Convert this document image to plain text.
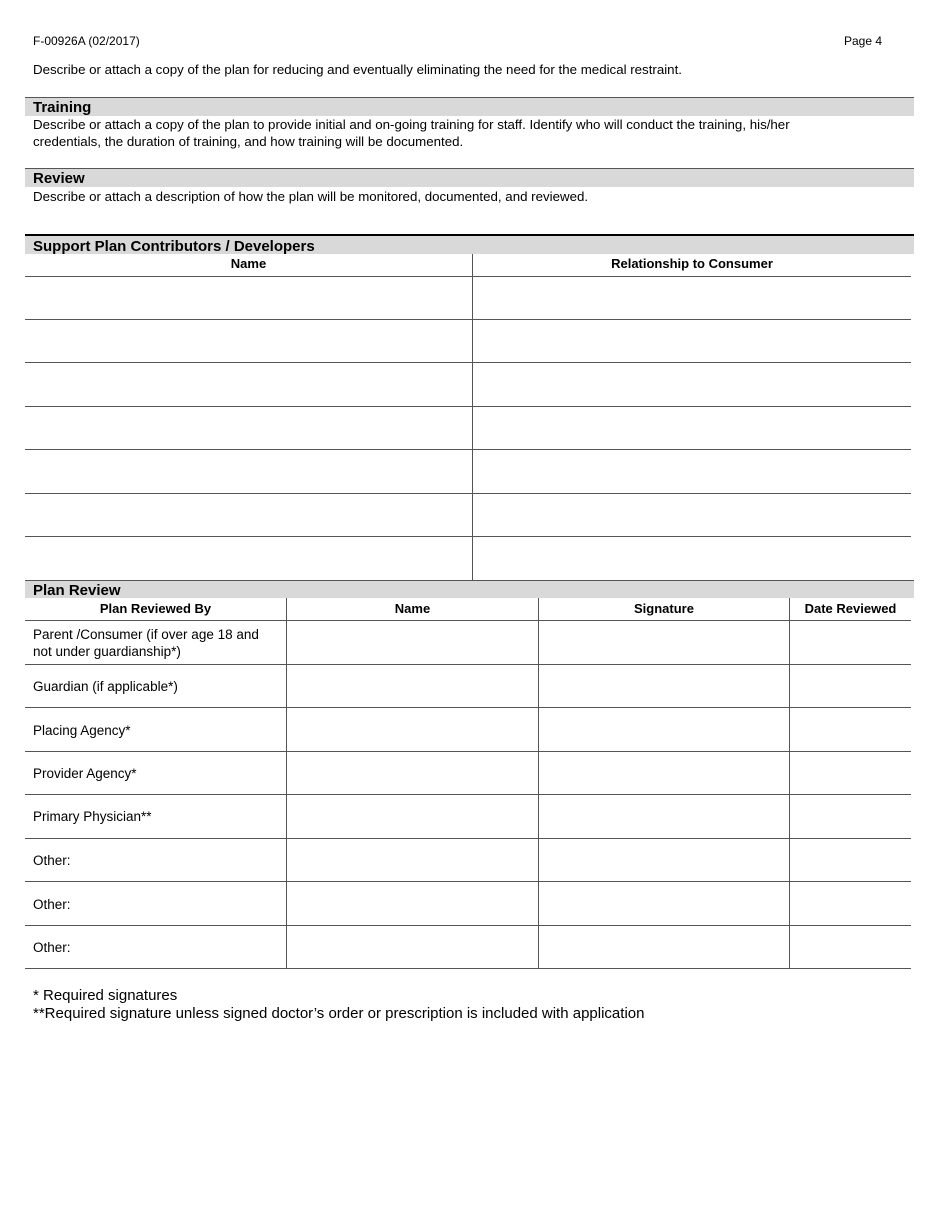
F-00926A (02/2017)	Page 4
Describe or attach a copy of the plan for reducing and eventually eliminating the need for the medical restraint.
Training
Describe or attach a copy of the plan to provide initial and on-going training for staff. Identify who will conduct the training, his/her credentials, the duration of training, and how training will be documented.
Review
Describe or attach a description of how the plan will be monitored, documented, and reviewed.
Support Plan Contributors / Developers
Name	Relationship to Consumer
Plan Review
Plan Reviewed By	Name	Signature	Date Reviewed
Parent /Consumer (if over age 18 and not under guardianship*)
Guardian (if applicable*)
Placing Agency*
Provider Agency*
Primary Physician**
Other:
Other:
Other:
* Required signatures
**Required signature unless signed doctor’s order or prescription is included with application
